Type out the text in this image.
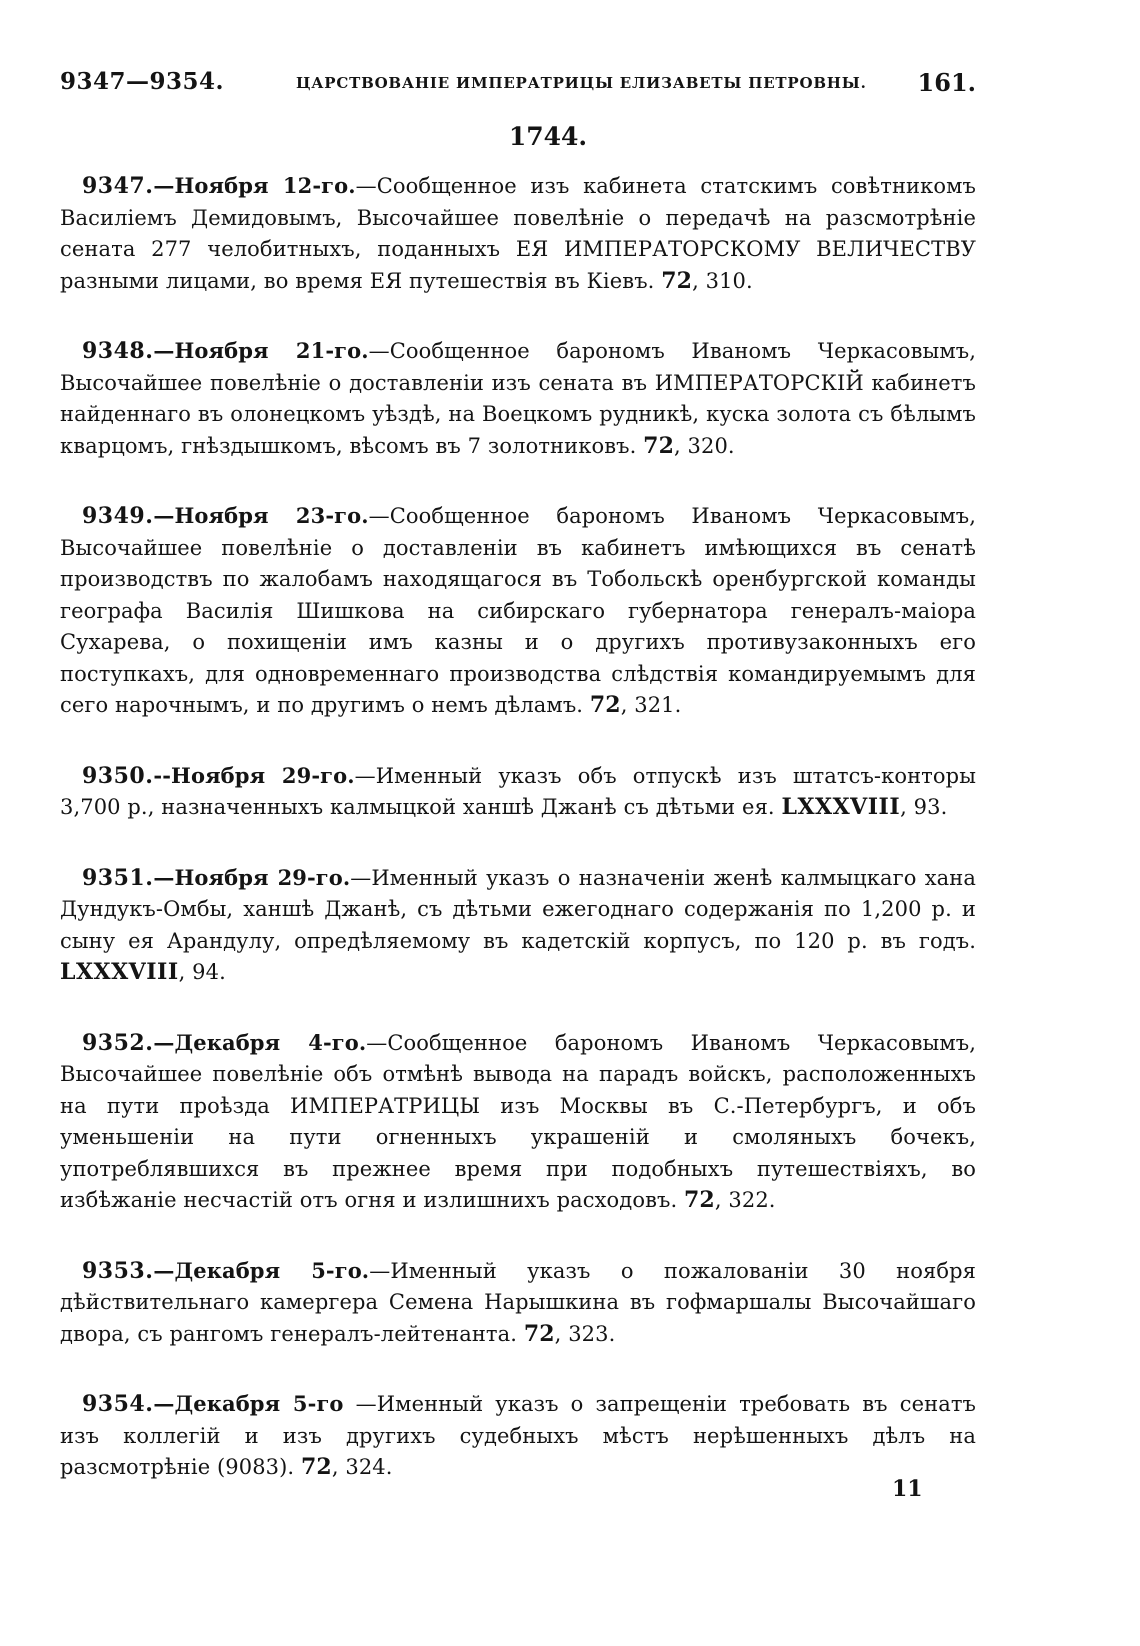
9347—9354.	ЦАРСТВОВАНІЕ ИМПЕРАТРИЦЫ ЕЛИЗАВЕТЫ ПЕТРОВНЫ. 161.
1744.

9347.—Ноября 12-го.—Сообщенное изъ кабинета статскимъ совѣтникомъ Василіемъ Демидовымъ, Высочайшее повелѣніе о передачѣ на разсмотрѣніе сената 277 челобитныхъ, поданныхъ ЕЯ ИМПЕРАТОРСКОМУ ВЕЛИЧЕСТВУ разными лицами, во время ЕЯ путешествія въ Кіевъ. 72, 310.

9348.—Ноября 21-го.—Сообщенное барономъ Иваномъ Черкасовымъ, Высочайшее повелѣніе о доставленіи изъ сената въ ИМПЕРАТОРСКІЙ кабинетъ найденнаго въ олонецкомъ уѣздѣ, на Воецкомъ рудникѣ, куска золота съ бѣлымъ кварцомъ, гнѣздышкомъ, вѣсомъ въ 7 золотниковъ. 72, 320.

9349.—Ноября 23-го.—Сообщенное барономъ Иваномъ Черкасовымъ, Высочайшее повелѣніе о доставленіи въ кабинетъ имѣющихся въ сенатѣ производствъ по жалобамъ находящагося въ Тобольскѣ оренбургской команды географа Василія Шишкова на сибирскаго губернатора генералъ-маіора Сухарева, о похищеніи имъ казны и о другихъ противузаконныхъ его поступкахъ, для одновременнаго производства слѣдствія командируемымъ для сего нарочнымъ, и по другимъ о немъ дѣламъ. 72, 321.

9350.--Ноября 29-го.—Именный указъ объ отпускѣ изъ штатсъ-конторы 3,700 р., назначенныхъ калмыцкой ханшѣ Джанѣ съ дѣтьми ея. LXXXVIII, 93.

9351.—Ноября 29-го.—Именный указъ о назначеніи женѣ калмыцкаго хана Дундукъ-Омбы, ханшѣ Джанѣ, съ дѣтьми ежегоднаго содержанія по 1,200 р. и сыну ея Арандулу, опредѣляемому въ кадетскій корпусъ, по 120 р. въ годъ. LXXXVIII, 94.

9352.—Декабря 4-го.—Сообщенное барономъ Иваномъ Черкасовымъ, Высочайшее повелѣніе объ отмѣнѣ вывода на парадъ войскъ, расположенныхъ на пути проѣзда ИМПЕРАТРИЦЫ изъ Москвы въ С.-Петербургъ, и объ уменьшеніи на пути огненныхъ украшеній и смоляныхъ бочекъ, употреблявшихся въ прежнее время при подобныхъ путешествіяхъ, во избѣжаніе несчастій отъ огня и излишнихъ расходовъ. 72, 322.

9353.—Декабря 5-го.—Именный указъ о пожалованіи 30 ноября дѣйствительнаго камергера Семена Нарышкина въ гофмаршалы Высочайшаго двора, съ рангомъ генералъ-лейтенанта. 72, 323.

9354.—Декабря 5-го —Именный указъ о запрещеніи требовать въ сенатъ изъ коллегій и изъ другихъ судебныхъ мѣстъ нерѣшенныхъ дѣлъ на разсмотрѣніе (9083). 72, 324.

11
